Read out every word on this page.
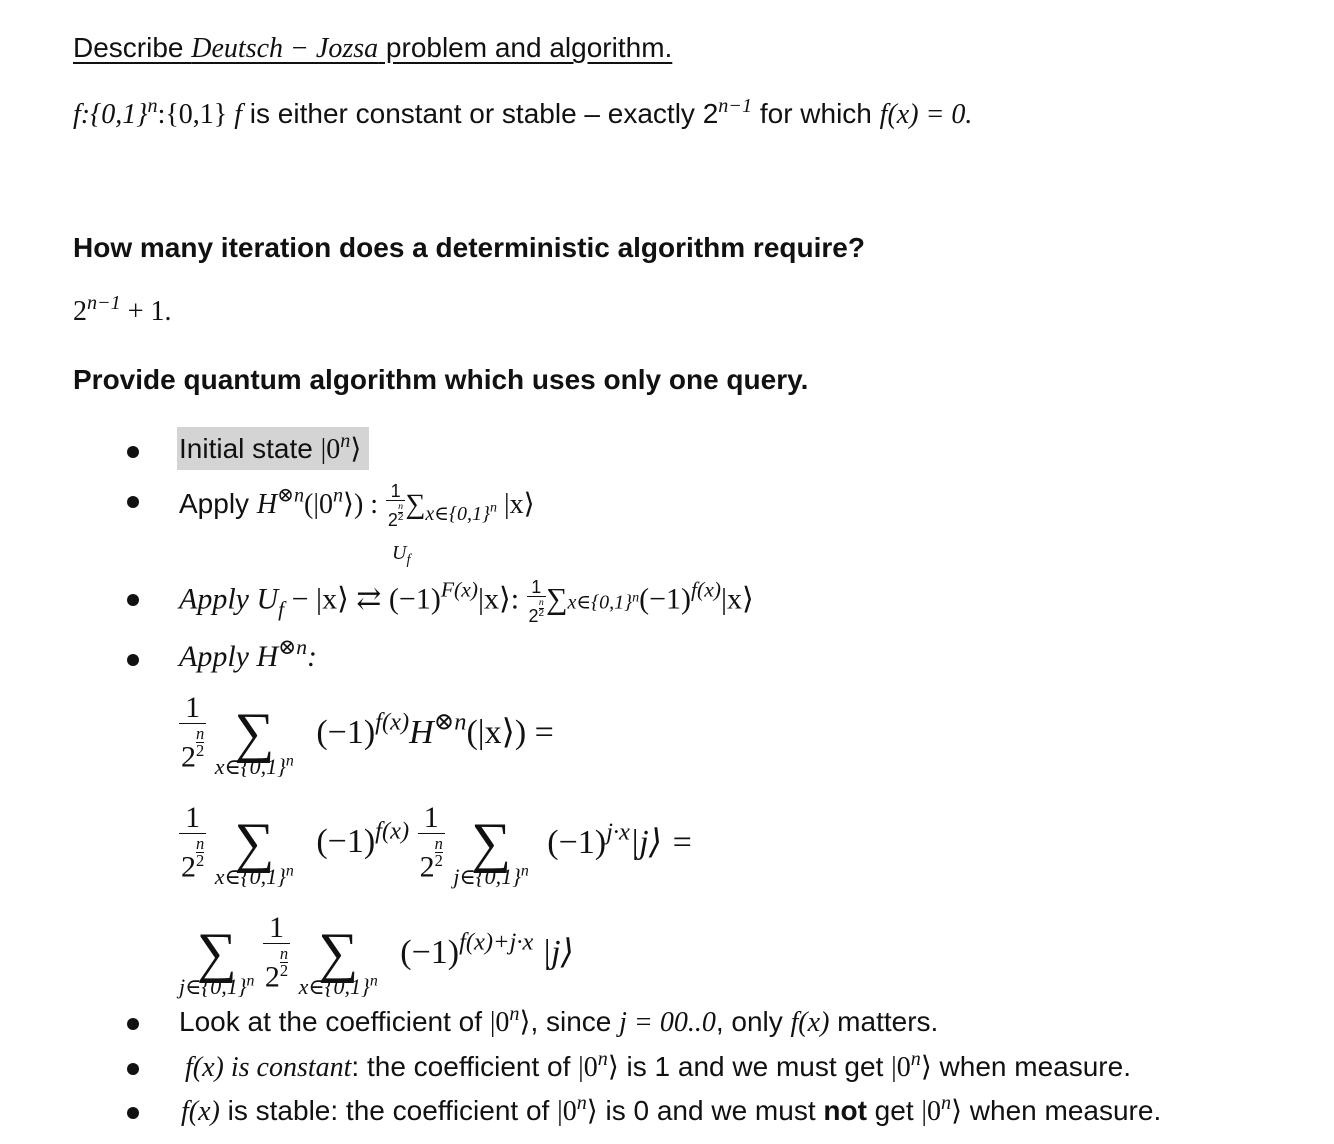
Describe Deutsch − Jozsa problem and algorithm.
$f:\{0,1\}^n:\{0,1\}$ f is either constant or stable – exactly $2^{n-1}$ for which f(x) = 0.
How many iteration does a deterministic algorithm require?
$2^{n-1} + 1$.
Provide quantum algorithm which uses only one query.
Initial state |0$^n$⟩
Apply $H^{\otimes n}(|0^n⟩)$ : $\frac{1}{2 \frac{n}{2}} \sum_{x\in\{0,1\}}n$ |x⟩
$U_f$
Apply $U_f$ − |x⟩ ⇄ $(-1)^{F(x)}|x⟩$: $\frac{1}{2 \frac{n}{2}}$ $\sum x\in\{0,1\}^n(-1)^{f(x)}|x⟩$
Apply $H^{\otimes n}$:
$\frac{1}{2 \frac{n}{2}}$
∑
$x\in\{0,1\}^n$
$(-1)^{f(x)}H^{\otimes n}(|x⟩)$ =
$\frac{1}{2 \frac{n}{2}}$
∑
$x\in\{0,1\}^n$
$(-1)^{f(x)} \frac{1}{2 \frac{n}{2}}$
∑
$j\in\{0,1\}^n$
$(-1)^{j\cdot x}|j⟩$ =
∑
$j\in\{0,1\}^n$
$\frac{1}{2 \frac{n}{2}}$
∑
$x\in\{0,1\}^n$
$(-1)^{f(x)+j\cdot x}$ |j⟩
Look at the coefficient of |0$^n$⟩, since j = 00..0, only f(x) matters.
f(x) is constant: the coefficient of |0$^n$⟩ is 1 and we must get |0$^n$⟩ when measure.
f(x) is stable: the coefficient of |0$^n$⟩ is 0 and we must not get |0$^n$⟩ when measure.
